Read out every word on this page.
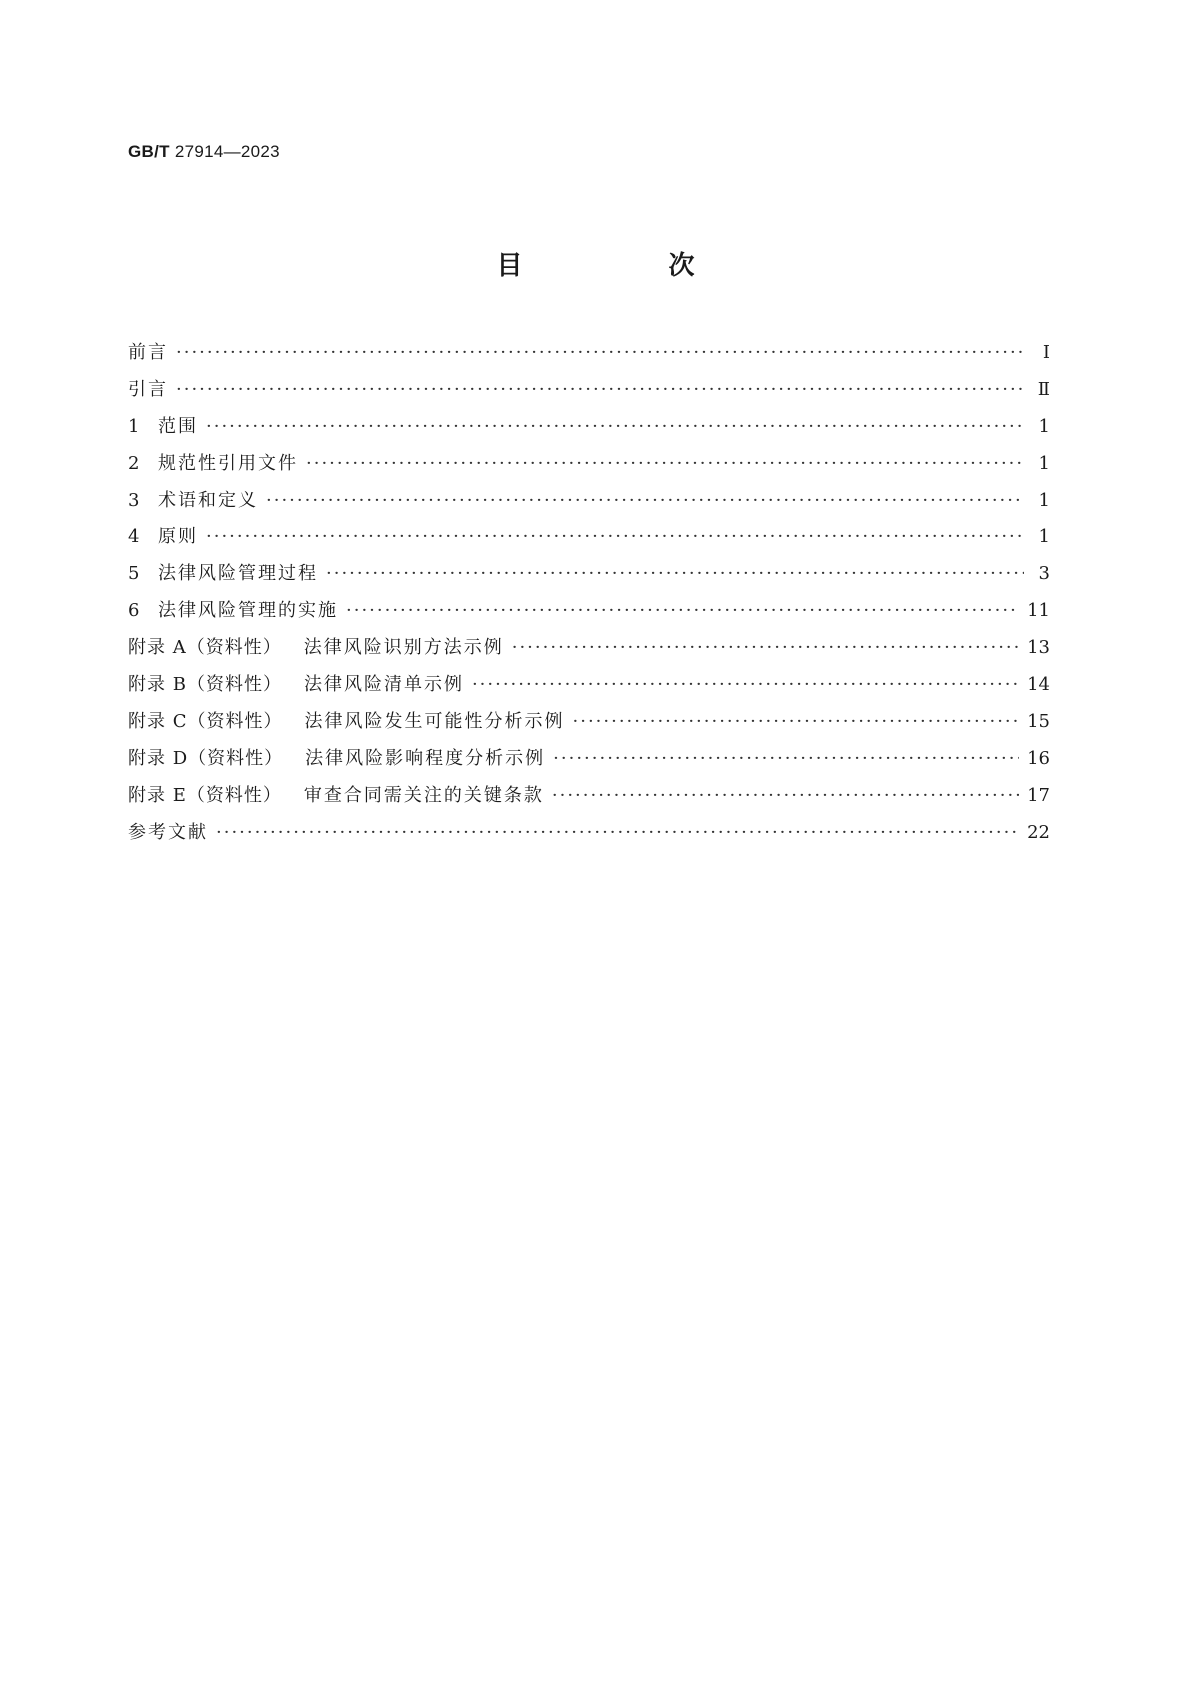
GB/T 27914—2023
目　次
前言 ·····	Ⅰ
引言 ·····	Ⅱ
1	范围 ·····	1
2	规范性引用文件 ·····	1
3	术语和定义 ·····	1
4	原则 ·····	1
5	法律风险管理过程 ·····	3
6	法律风险管理的实施 ·····	11
附录 A（资料性） 法律风险识别方法示例 ·····	13
附录 B（资料性） 法律风险清单示例 ·····	14
附录 C（资料性） 法律风险发生可能性分析示例 ·····	15
附录 D（资料性） 法律风险影响程度分析示例 ·····	16
附录 E（资料性） 审查合同需关注的关键条款 ·····	17
参考文献 ·····	22
